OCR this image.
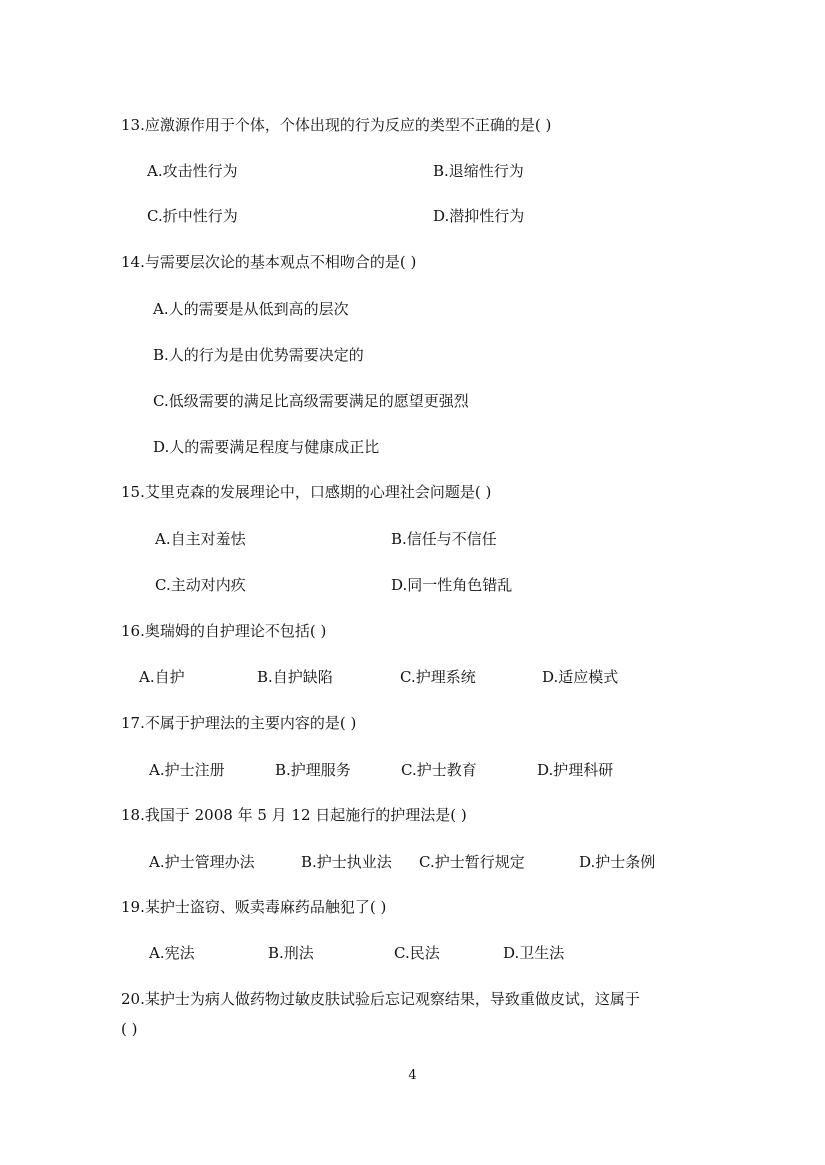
13.应激源作用于个体，个体出现的行为反应的类型不正确的是( )
A.攻击性行为	B.退缩性行为
C.折中性行为	D.潜抑性行为
14.与需要层次论的基本观点不相吻合的是( )
A.人的需要是从低到高的层次
B.人的行为是由优势需要决定的
C.低级需要的满足比高级需要满足的愿望更强烈
D.人的需要满足程度与健康成正比
15.艾里克森的发展理论中，口感期的心理社会问题是( )
A.自主对羞怯	B.信任与不信任
C.主动对内疚	D.同一性角色错乱
16.奥瑞姆的自护理论不包括( )
A.自护	B.自护缺陷	C.护理系统	D.适应模式
17.不属于护理法的主要内容的是( )
A.护士注册	B.护理服务	C.护士教育	D.护理科研
18.我国于 2008 年 5 月 12 日起施行的护理法是( )
A.护士管理办法	B.护士执业法 C.护士暂行规定	D.护士条例
19.某护士盗窃、贩卖毒麻药品触犯了( )
A.宪法	B.刑法	C.民法	D.卫生法
20.某护士为病人做药物过敏皮肤试验后忘记观察结果，导致重做皮试，这属于
( )
4
